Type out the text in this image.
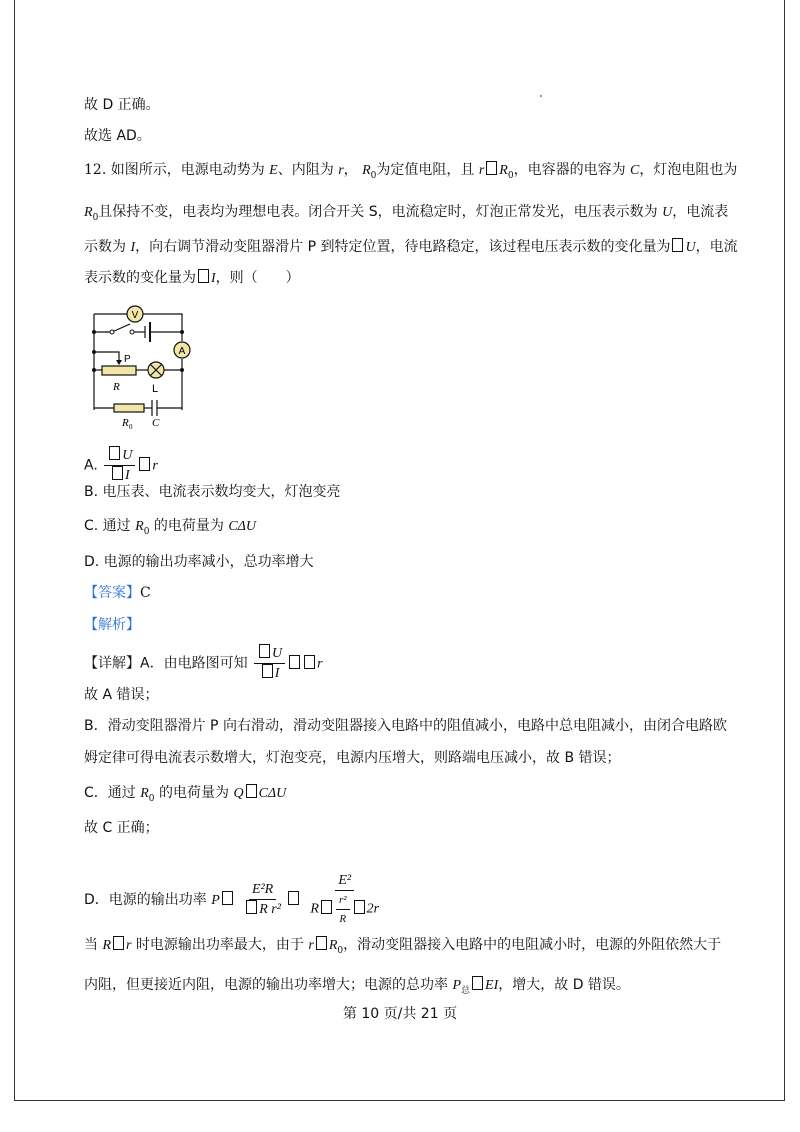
故 D 正确。
故选 AD。
12. 如图所示，电源电动势为 E、内阻为 r， $R_0$为定值电阻，且 r $R_0$，电容器的电容为 C，灯泡电阻也为
$R_0$且保持不变，电表均为理想电表。闭合开关 S，电流稳定时，灯泡正常发光，电压表示数为 U，电流表
示数为 I，向右调节滑动变阻器滑片 P 到特定位置，待电路稳定，该过程电压表示数的变化量为 U，电流
表示数的变化量为 I，则（　　）
V
A
P
R	L
R 0 C
A. $\frac{U}{I}$ r
B. 电压表、电流表示数均变大，灯泡变亮
C. 通过 $R_0$ 的电荷量为 CΔU
D. 电源的输出功率减小，总功率增大
【答案】C
【解析】
【详解】A．由电路图可知 $\frac{U}{I}$ r
故 A 错误；
B．滑动变阻器滑片 P 向右滑动，滑动变阻器接入电路中的阻值减小，电路中总电阻减小，由闭合电路欧
姆定律可得电流表示数增大，灯泡变亮，电源内压增大，则路端电压减小，故 B 错误；
C．通过 $R_0$ 的电荷量为 Q CΔU
故 C 正确；
D．电源的输出功率 P $\frac{\text{E²R}}{\text{R r²}}$
$\frac{\text{E²}}{R \frac{\text{r²}}{R} 2r}$
当 R r 时电源输出功率最大，由于 r $R_0$，滑动变阻器接入电路中的电阻减小时，电源的外阻依然大于
内阻，但更接近内阻，电源的输出功率增大；电源的总功率 $P_总$ EI，增大，故 D 错误。
第 10 页/共 21 页
